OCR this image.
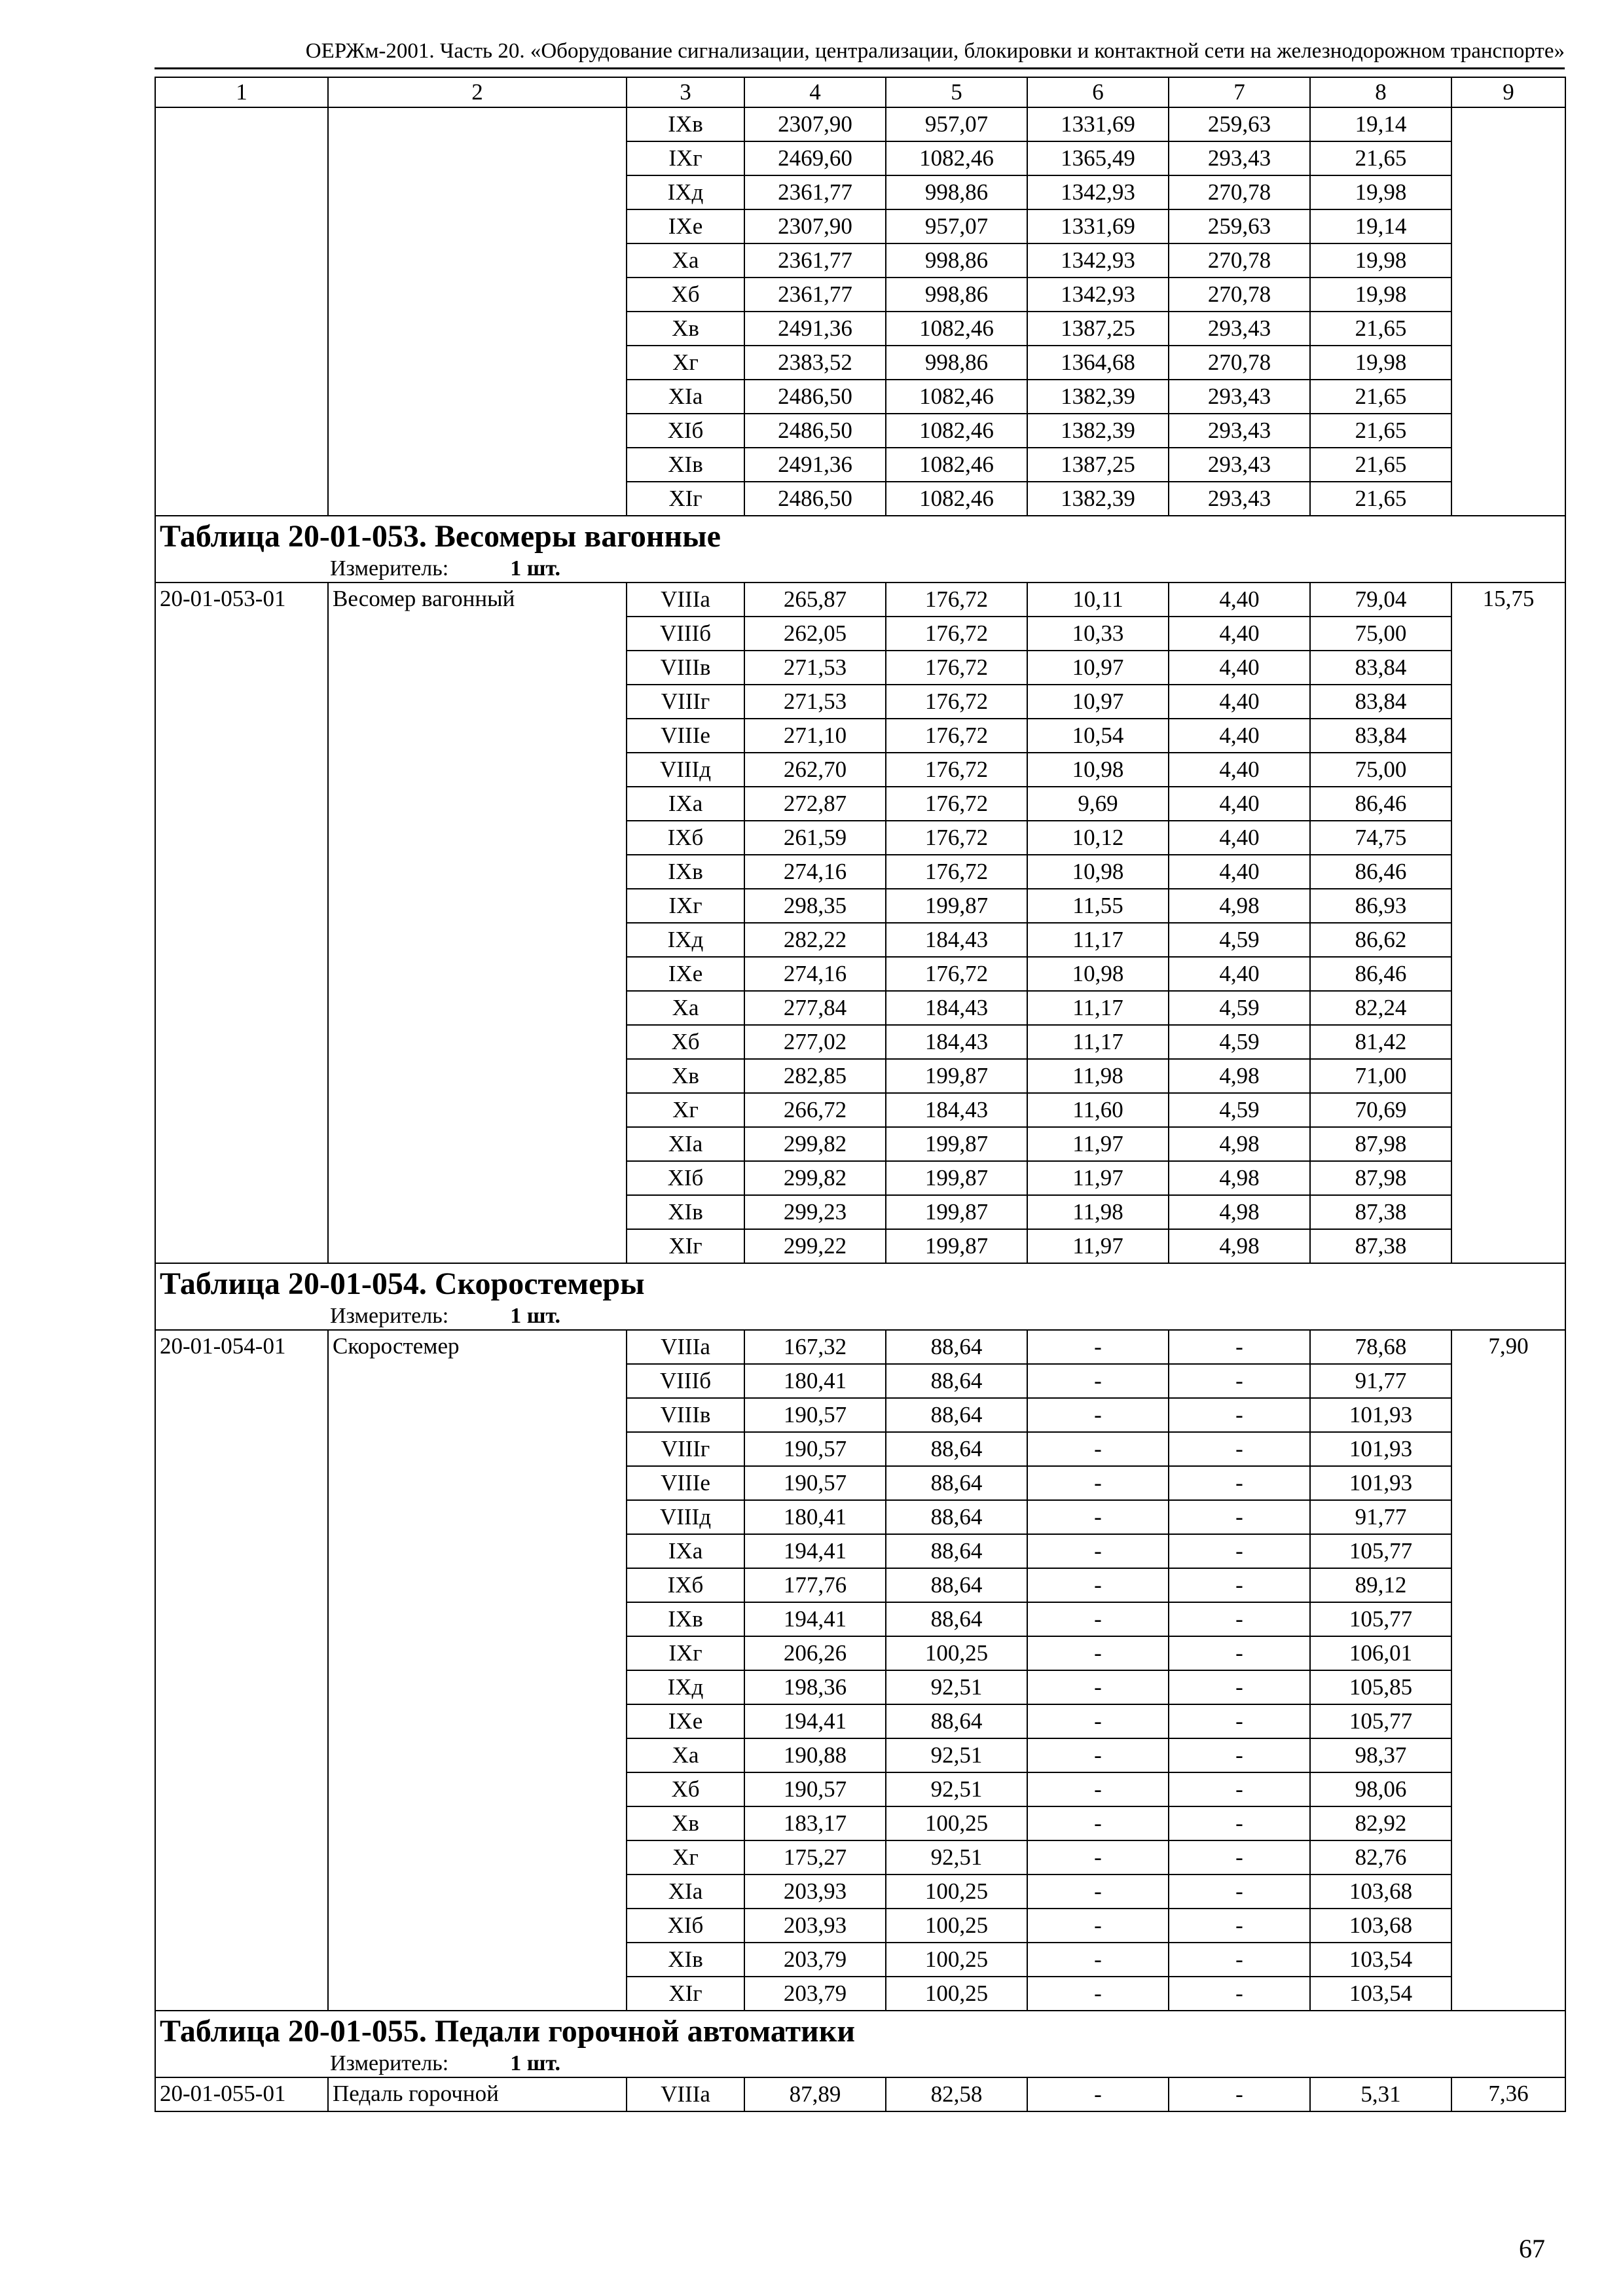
ОЕРЖм-2001. Часть 20. «Оборудование сигнализации, централизации, блокировки и контактной сети на железнодорожном транспорте»
1	2	3	4	5	6	7	8	9
		IXв	2307,90	957,07	1331,69	259,63	19,14	
		IXг	2469,60	1082,46	1365,49	293,43	21,65	
		IXд	2361,77	998,86	1342,93	270,78	19,98	
		IXе	2307,90	957,07	1331,69	259,63	19,14	
		Xа	2361,77	998,86	1342,93	270,78	19,98	
		Xб	2361,77	998,86	1342,93	270,78	19,98	
		Xв	2491,36	1082,46	1387,25	293,43	21,65	
		Xг	2383,52	998,86	1364,68	270,78	19,98	
		XIа	2486,50	1082,46	1382,39	293,43	21,65	
		XIб	2486,50	1082,46	1382,39	293,43	21,65	
		XIв	2491,36	1082,46	1387,25	293,43	21,65	
		XIг	2486,50	1082,46	1382,39	293,43	21,65	

Таблица 20-01-053. Весомеры вагонные
Измеритель: 1 шт.								

20-01-053-01	Весомер вагонный	VIIIа	265,87	176,72	10,11	4,40	79,04	15,75
		VIIIб	262,05	176,72	10,33	4,40	75,00	
		VIIIв	271,53	176,72	10,97	4,40	83,84	
		VIIIг	271,53	176,72	10,97	4,40	83,84	
		VIIIе	271,10	176,72	10,54	4,40	83,84	
		VIIIд	262,70	176,72	10,98	4,40	75,00	
		IXа	272,87	176,72	9,69	4,40	86,46	
		IXб	261,59	176,72	10,12	4,40	74,75	
		IXв	274,16	176,72	10,98	4,40	86,46	
		IXг	298,35	199,87	11,55	4,98	86,93	
		IXд	282,22	184,43	11,17	4,59	86,62	
		IXе	274,16	176,72	10,98	4,40	86,46	
		Xа	277,84	184,43	11,17	4,59	82,24	
		Xб	277,02	184,43	11,17	4,59	81,42	
		Xв	282,85	199,87	11,98	4,98	71,00	
		Xг	266,72	184,43	11,60	4,59	70,69	
		XIа	299,82	199,87	11,97	4,98	87,98	
		XIб	299,82	199,87	11,97	4,98	87,98	
		XIв	299,23	199,87	11,98	4,98	87,38	
		XIг	299,22	199,87	11,97	4,98	87,38	

Таблица 20-01-054. Скоростемеры
Измеритель: 1 шт.								

20-01-054-01	Скоростемер	VIIIа	167,32	88,64	-	-	78,68	7,90
		VIIIб	180,41	88,64	-	-	91,77	
		VIIIв	190,57	88,64	-	-	101,93	
		VIIIг	190,57	88,64	-	-	101,93	
		VIIIе	190,57	88,64	-	-	101,93	
		VIIIд	180,41	88,64	-	-	91,77	
		IXа	194,41	88,64	-	-	105,77	
		IXб	177,76	88,64	-	-	89,12	
		IXв	194,41	88,64	-	-	105,77	
		IXг	206,26	100,25	-	-	106,01	
		IXд	198,36	92,51	-	-	105,85	
		IXе	194,41	88,64	-	-	105,77	
		Xа	190,88	92,51	-	-	98,37	
		Xб	190,57	92,51	-	-	98,06	
		Xв	183,17	100,25	-	-	82,92	
		Xг	175,27	92,51	-	-	82,76	
		XIа	203,93	100,25	-	-	103,68	
		XIб	203,93	100,25	-	-	103,68	
		XIв	203,79	100,25	-	-	103,54	
		XIг	203,79	100,25	-	-	103,54	

Таблица 20-01-055. Педали горочной автоматики
Измеритель: 1 шт.								

20-01-055-01	Педаль горочной	VIIIа	87,89	82,58	-	-	5,31	7,36
67
